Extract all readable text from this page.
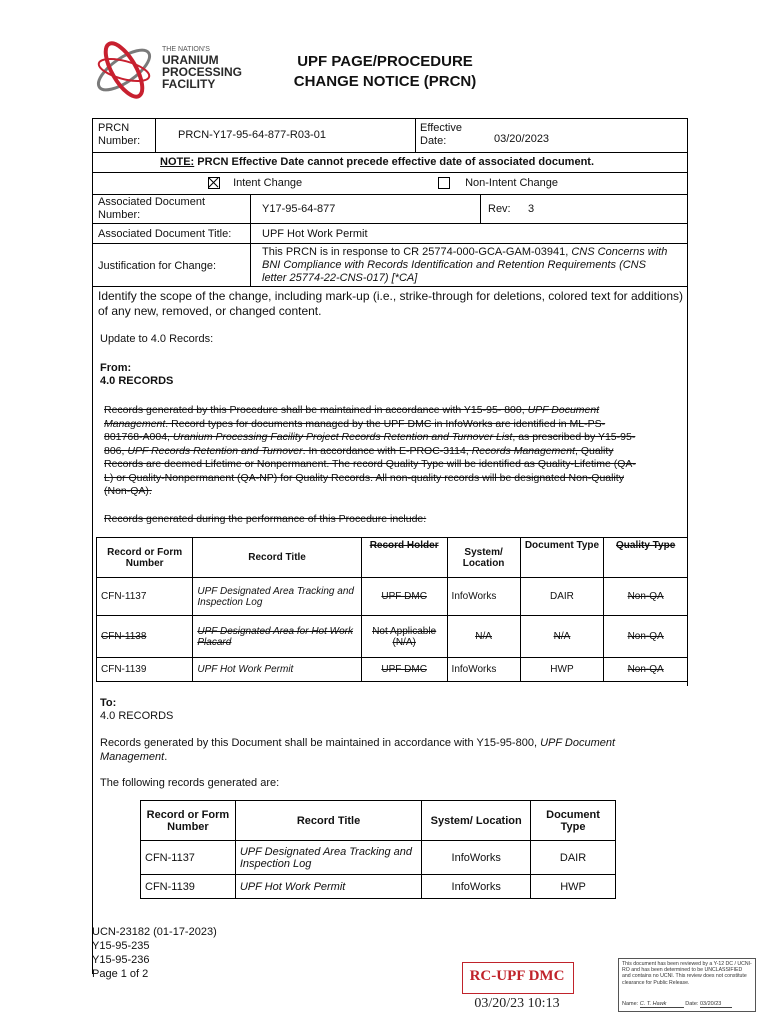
THE NATION'S
URANIUM
PROCESSING
FACILITY
UPF PAGE/PROCEDURE
CHANGE NOTICE (PRCN)
PRCN Number:	PRCN-Y17-95-64-877-R03-01
Effective Date:	03/20/2023
NOTE: PRCN Effective Date cannot precede effective date of associated document.
Intent Change	Non-Intent Change
Associated Document Number:	Y17-95-64-877	Rev: 3
Associated Document Title:	UPF Hot Work Permit
Justification for Change:
This PRCN is in response to CR 25774-000-GCA-GAM-03941, CNS Concerns with BNI Compliance with Records Identification and Retention Requirements (CNS letter 25774-22-CNS-017) [*CA]
Identify the scope of the change, including mark-up (i.e., strike-through for deletions, colored text for additions) of any new, removed, or changed content.
Update to 4.0 Records:
From:
4.0 RECORDS
Records generated by this Procedure shall be maintained in accordance with Y15-95- 800, UPF Document Management. Record types for documents managed by the UPF DMC in InfoWorks are identified in ML-PS-801768-A004, Uranium Processing Facility Project Records Retention and Turnover List, as prescribed by Y15-95-806, UPF Records Retention and Turnover. In accordance with E-PROC-3114, Records Management, Quality Records are deemed Lifetime or Nonpermanent. The record Quality Type will be identified as Quality-Lifetime (QA-L) or Quality-Nonpermanent (QA-NP) for Quality Records. All non-quality records will be designated Non-Quality (Non-QA).
Records generated during the performance of this Procedure include:
Record or Form Number	Record Title	Record Holder	System/ Location	Document Type	Quality Type
CFN-1137	UPF Designated Area Tracking and Inspection Log	UPF DMC	InfoWorks	DAIR	Non-QA
CFN-1138	UPF Designated Area for Hot Work Placard	Not Applicable (N/A)	N/A	N/A	Non-QA
CFN-1139	UPF Hot Work Permit	UPF DMC	InfoWorks	HWP	Non-QA
To:
4.0 RECORDS
Records generated by this Document shall be maintained in accordance with Y15-95-800, UPF Document Management.
The following records generated are:
Record or Form Number	Record Title	System/ Location	Document Type
CFN-1137	UPF Designated Area Tracking and Inspection Log	InfoWorks	DAIR
CFN-1139	UPF Hot Work Permit	InfoWorks	HWP
UCN-23182 (01-17-2023)
Y15-95-235
Y15-95-236
Page 1 of 2	RC-UPF DMC
03/20/23 10:13
This document has been reviewed by a Y-12 DC / UCNI-RO and has been determined to be UNCLASSIFIED and contains no UCNI. This review does not constitute clearance for Public Release.
Name: C. T. Hawk	Date: 03/20/23
